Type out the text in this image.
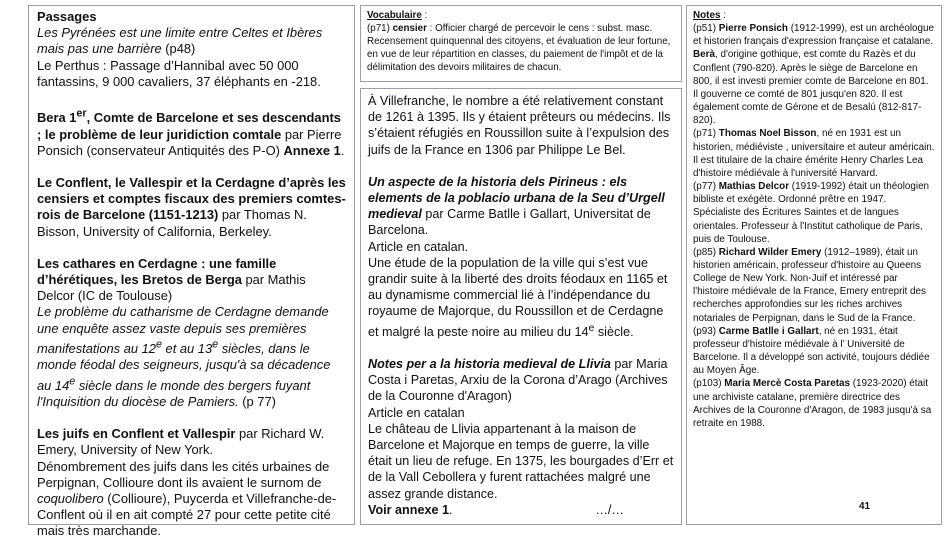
Passages

Les Pyrénées est une limite entre Celtes et Ibères mais pas une barrière (p48)

Le Perthus : Passage d’Hannibal avec 50 000 fantassins, 9 000 cavaliers, 37 éléphants en -218.

Bera 1er, Comte de Barcelone et ses descendants ; le problème de leur juridiction comtale par Pierre Ponsich (conservateur Antiquités des P-O) Annexe 1.

Le Conflent, le Vallespir et la Cerdagne d’après les censiers et comptes fiscaux des premiers comtes-rois de Barcelone (1151-1213) par Thomas N. Bisson, University of California, Berkeley.

Les cathares en Cerdagne : une famille d’hérétiques, les Bretos de Berga par Mathis Delcor (IC de Toulouse)

Le problème du catharisme de Cerdagne demande une enquête assez vaste depuis ses premières manifestations au 12e et au 13e siècles, dans le monde féodal des seigneurs, jusqu'à sa décadence au 14e siècle dans le monde des bergers fuyant l'Inquisition du diocèse de Pamiers. (p 77)

Les juifs en Conflent et Vallespir par Richard W. Emery, University of New York.

Dénombrement des juifs dans les cités urbaines de Perpignan, Collioure dont ils avaient le surnom de coquolibero (Collioure), Puycerda et Villefranche-de-Conflent où il en ait compté 27 pour cette petite cité mais très marchande.

Vocabulaire :

(p71) censier : Officier chargé de percevoir le cens : subst. masc. Recensement quinquennal des citoyens, et évaluation de leur fortune, en vue de leur répartition en classes, du paiement de l'impôt et de la délimitation des devoirs militaires de chacun.

À Villefranche, le nombre a été relativement constant de 1261 à 1395. Ils y étaient prêteurs ou médecins. Ils s’étaient réfugiés en Roussillon suite à l’expulsion des juifs de la France en 1306 par Philippe Le Bel.

Un aspecte de la historia dels Pirineus : els elements de la poblacio urbana de la Seu d’Urgell medieval par Carme Batlle i Gallart, Universitat de Barcelona.

Article en catalan.

Une étude de la population de la ville qui s’est vue grandir suite à la liberté des droits féodaux en 1165 et au dynamisme commercial lié à l’indépendance du royaume de Majorque, du Roussillon et de Cerdagne et malgré la peste noire au milieu du 14e siècle.

Notes per a la historia medieval de Llivia par Maria Costa i Paretas, Arxiu de la Corona d’Arago (Archives de la Couronne d'Aragon)

Article en catalan

Le château de Llivia appartenant à la maison de Barcelone et Majorque en temps de guerre, la ville était un lieu de refuge. En 1375, les bourgades d’Err et de la Vall Cebollera y furent rattachées malgré une assez grande distance.

Voir annexe 1.	…/…

Notes :

(p51) Pierre Ponsich (1912-1999), est un archéologue et historien français d'expression française et catalane.

Berà, d'origine gothique, est comte du Razès et du Conflent (790-820). Après le siège de Barcelone en 800, il est investi premier comte de Barcelone en 801. Il gouverne ce comté de 801 jusqu'en 820. Il est également comte de Gérone et de Besalú (812-817-820).

(p71) Thomas Noel Bisson, né en 1931 est un historien, médiéviste , universitaire et auteur américain. Il est titulaire de la chaire émérite Henry Charles Lea d'histoire médiévale à l'université Harvard.

(p77) Mathias Delcor (1919-1992) était un théologien bibliste et exégète. Ordonné prêtre en 1947. Spécialiste des Écritures Saintes et de langues orientales. Professeur à l'Institut catholique de Paris, puis de Toulouse.

(p85) Richard Wilder Emery (1912–1989), était un historien américain, professeur d'histoire au Queens College de New York. Non-Juif et intéressé par l'histoire médiévale de la France, Emery entreprit des recherches approfondies sur les riches archives notariales de Perpignan, dans le Sud de la France.

(p93) Carme Batlle i Gallart, né en 1931, était professeur d'histoire médiévale à l’ Université de Barcelone. Il a développé son activité, toujours dédiée au Moyen Âge.

(p103) Maria Mercè Costa Paretas (1923-2020) était une archiviste catalane, première directrice des Archives de la Couronne d'Aragon, de 1983 jusqu'à sa retraite en 1988.

41
